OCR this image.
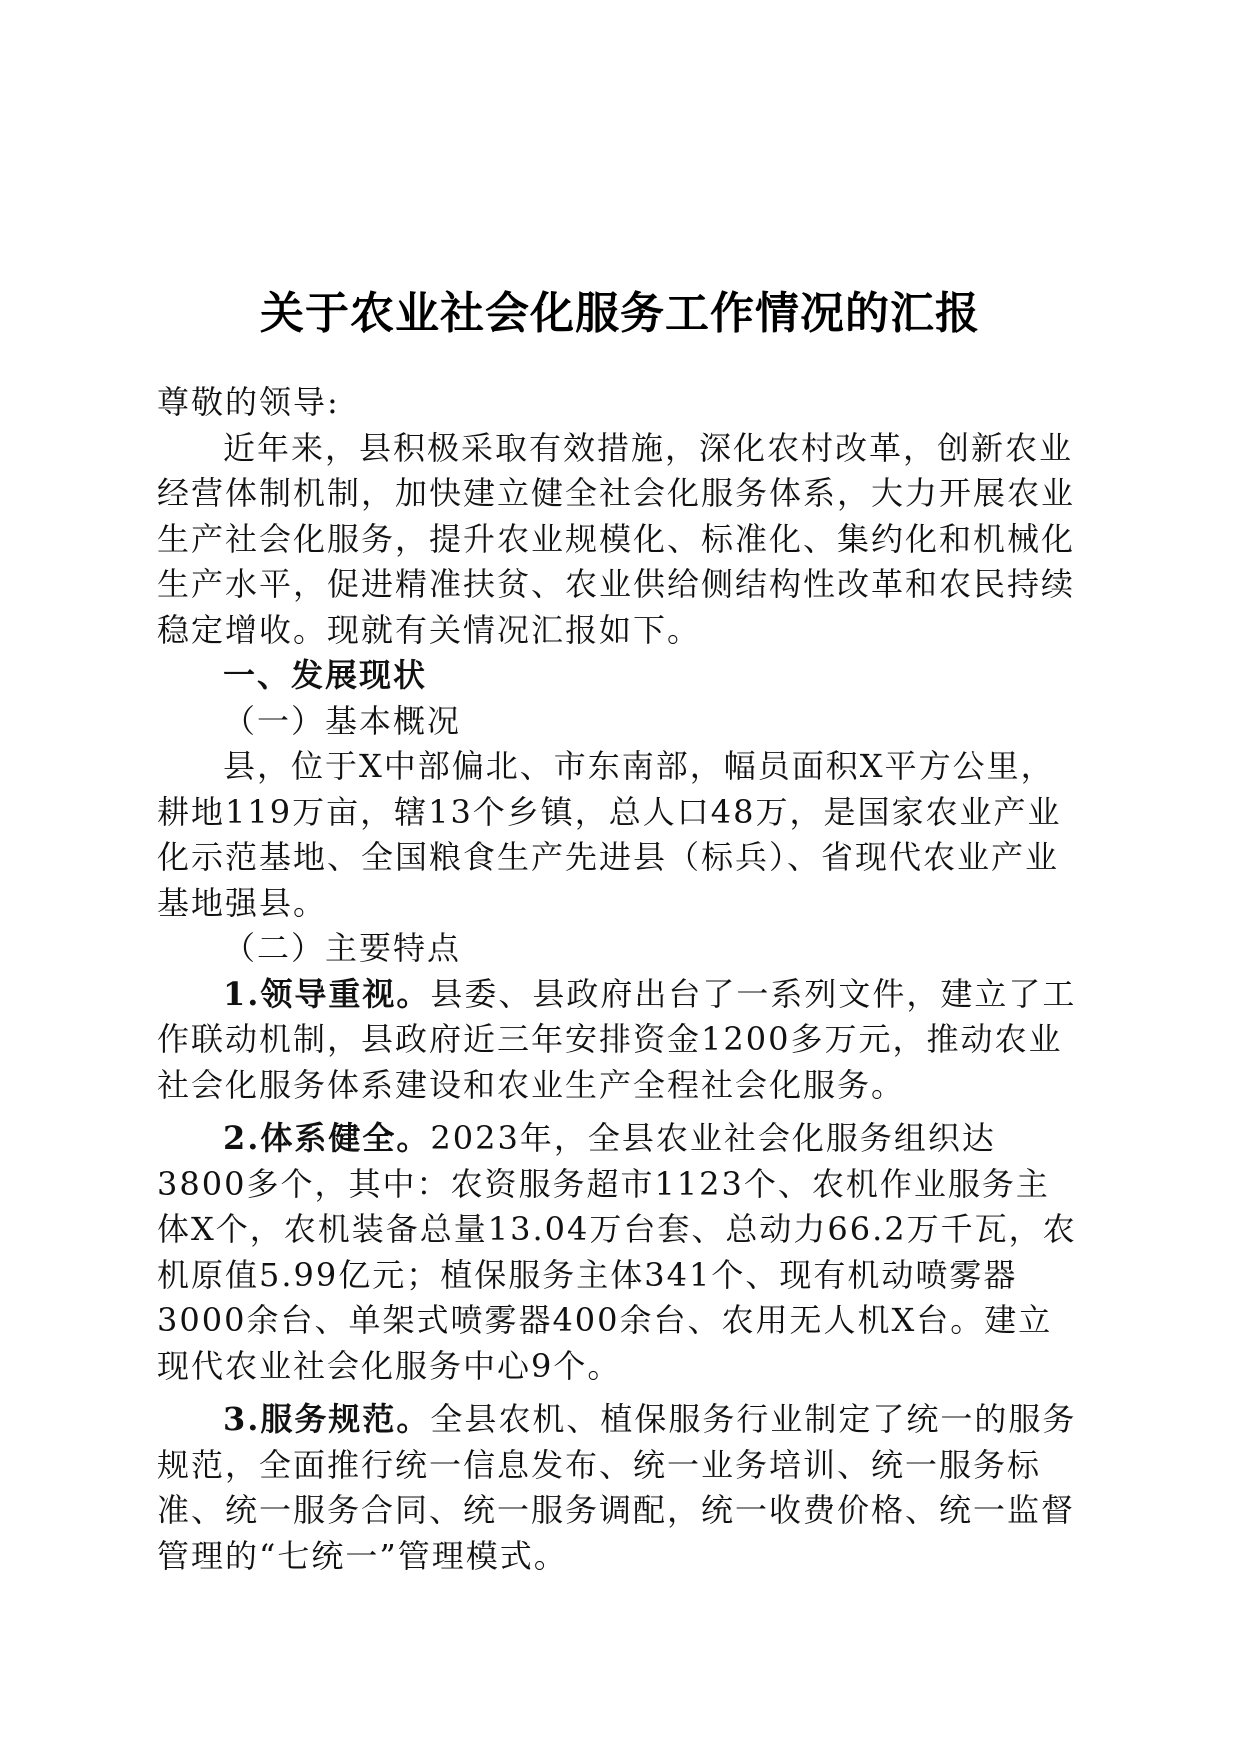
关于农业社会化服务工作情况的汇报

尊敬的领导:

近年来，县积极采取有效措施，深化农村改革，创新农业经营体制机制，加快建立健全社会化服务体系，大力开展农业生产社会化服务，提升农业规模化、标准化、集约化和机械化生产水平，促进精准扶贫、农业供给侧结构性改革和农民持续稳定增收。现就有关情况汇报如下。

一、发展现状

（一）基本概况

县，位于X中部偏北、市东南部，幅员面积X平方公里，耕地119万亩，辖13个乡镇，总人口48万，是国家农业产业化示范基地、全国粮食生产先进县（标兵）、省现代农业产业基地强县。

（二）主要特点

1.领导重视。县委、县政府出台了一系列文件，建立了工作联动机制，县政府近三年安排资金1200多万元，推动农业社会化服务体系建设和农业生产全程社会化服务。

2.体系健全。2023年，全县农业社会化服务组织达3800多个，其中：农资服务超市1123个、农机作业服务主体X个，农机装备总量13.04万台套、总动力66.2万千瓦，农机原值5.99亿元；植保服务主体341个、现有机动喷雾器3000余台、单架式喷雾器400余台、农用无人机X台。建立现代农业社会化服务中心9个。

3.服务规范。全县农机、植保服务行业制定了统一的服务规范，全面推行统一信息发布、统一业务培训、统一服务标准、统一服务合同、统一服务调配，统一收费价格、统一监督管理的“七统一”管理模式。
